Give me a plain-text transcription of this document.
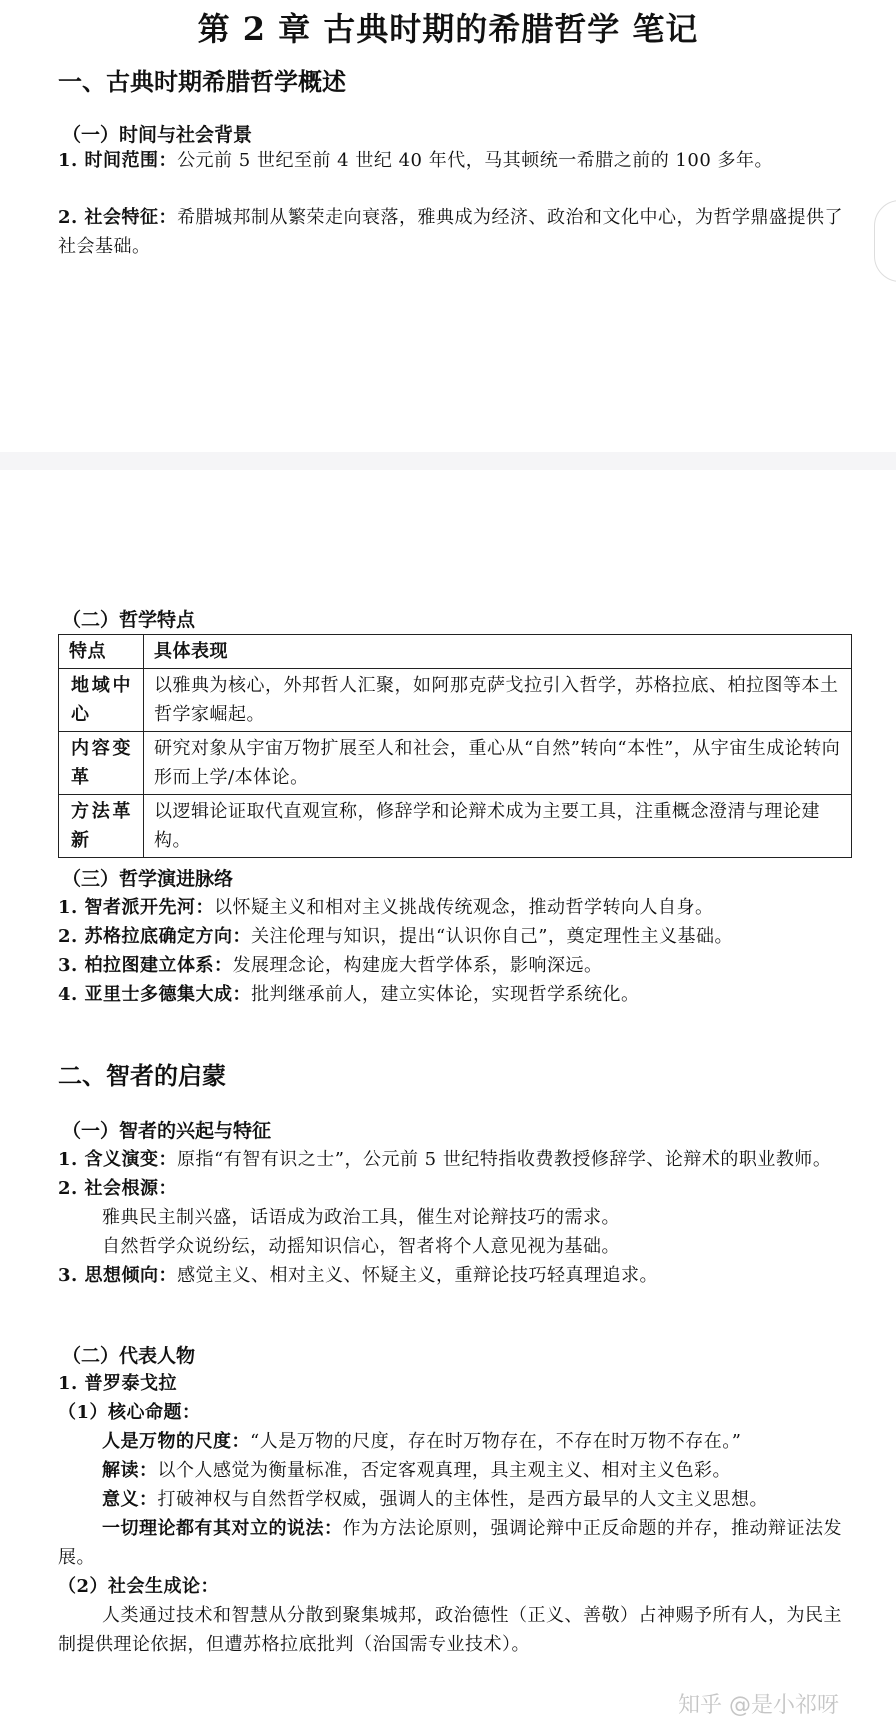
第 2 章 古典时期的希腊哲学 笔记
一、古典时期希腊哲学概述
（一）时间与社会背景
1. 时间范围：公元前 5 世纪至前 4 世纪 40 年代，马其顿统一希腊之前的 100 多年。
2. 社会特征：希腊城邦制从繁荣走向衰落，雅典成为经济、政治和文化中心，为哲学鼎盛提供了社会基础。
（二）哲学特点
特点	具体表现
地域中心	以雅典为核心，外邦哲人汇聚，如阿那克萨戈拉引入哲学，苏格拉底、柏拉图等本土哲学家崛起。
内容变革	研究对象从宇宙万物扩展至人和社会，重心从“自然”转向“本性”，从宇宙生成论转向形而上学/本体论。
方法革新	以逻辑论证取代直观宣称，修辞学和论辩术成为主要工具，注重概念澄清与理论建构。
（三）哲学演进脉络
1. 智者派开先河：以怀疑主义和相对主义挑战传统观念，推动哲学转向人自身。
2. 苏格拉底确定方向：关注伦理与知识，提出“认识你自己”，奠定理性主义基础。
3. 柏拉图建立体系：发展理念论，构建庞大哲学体系，影响深远。
4. 亚里士多德集大成：批判继承前人，建立实体论，实现哲学系统化。
二、智者的启蒙
（一）智者的兴起与特征
1. 含义演变：原指“有智有识之士”，公元前 5 世纪特指收费教授修辞学、论辩术的职业教师。
2. 社会根源：
雅典民主制兴盛，话语成为政治工具，催生对论辩技巧的需求。
自然哲学众说纷纭，动摇知识信心，智者将个人意见视为基础。
3. 思想倾向：感觉主义、相对主义、怀疑主义，重辩论技巧轻真理追求。
（二）代表人物
1. 普罗泰戈拉
（1）核心命题：
人是万物的尺度：“人是万物的尺度，存在时万物存在，不存在时万物不存在。”
解读：以个人感觉为衡量标准，否定客观真理，具主观主义、相对主义色彩。
意义：打破神权与自然哲学权威，强调人的主体性，是西方最早的人文主义思想。
一切理论都有其对立的说法：作为方法论原则，强调论辩中正反命题的并存，推动辩证法发展。
（2）社会生成论：
人类通过技术和智慧从分散到聚集城邦，政治德性（正义、善敬）占神赐予所有人，为民主制提供理论依据，但遭苏格拉底批判（治国需专业技术）。
知乎 @是小祁呀
